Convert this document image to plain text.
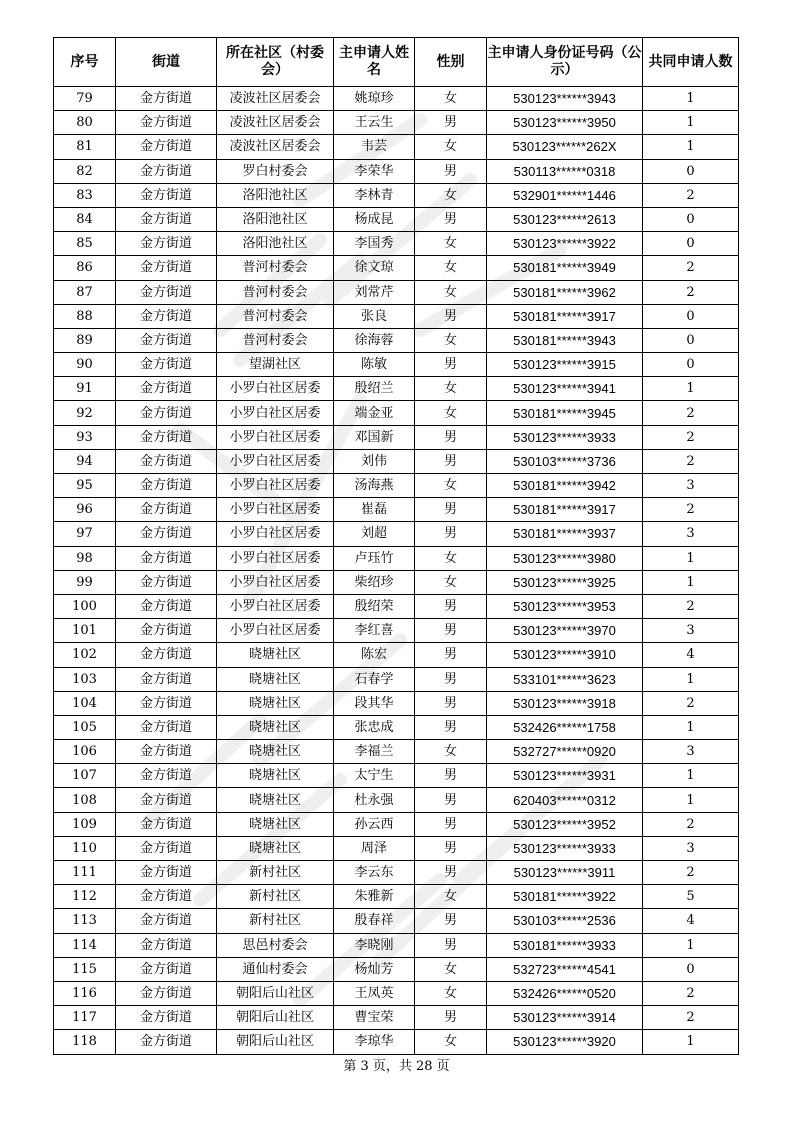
序号	街道	所在社区（村委会）	主申请人姓名	性别	主申请人身份证号码（公示）	共同申请人数
79	金方街道	凌波社区居委会	姚琼珍	女	530123******3943	1
80	金方街道	凌波社区居委会	王云生	男	530123******3950	1
81	金方街道	凌波社区居委会	韦芸	女	530123******262X	1
82	金方街道	罗白村委会	李荣华	男	530113******0318	0
83	金方街道	洛阳池社区	李林青	女	532901******1446	2
84	金方街道	洛阳池社区	杨成昆	男	530123******2613	0
85	金方街道	洛阳池社区	李国秀	女	530123******3922	0
86	金方街道	普河村委会	徐文琼	女	530181******3949	2
87	金方街道	普河村委会	刘常芹	女	530181******3962	2
88	金方街道	普河村委会	张良	男	530181******3917	0
89	金方街道	普河村委会	徐海蓉	女	530181******3943	0
90	金方街道	望湖社区	陈敏	男	530123******3915	0
91	金方街道	小罗白社区居委	殷绍兰	女	530123******3941	1
92	金方街道	小罗白社区居委	端金亚	女	530181******3945	2
93	金方街道	小罗白社区居委	邓国新	男	530123******3933	2
94	金方街道	小罗白社区居委	刘伟	男	530103******3736	2
95	金方街道	小罗白社区居委	汤海燕	女	530181******3942	3
96	金方街道	小罗白社区居委	崔磊	男	530181******3917	2
97	金方街道	小罗白社区居委	刘超	男	530181******3937	3
98	金方街道	小罗白社区居委	卢珏竹	女	530123******3980	1
99	金方街道	小罗白社区居委	柴绍珍	女	530123******3925	1
100	金方街道	小罗白社区居委	殷绍荣	男	530123******3953	2
101	金方街道	小罗白社区居委	李红喜	男	530123******3970	3
102	金方街道	晓塘社区	陈宏	男	530123******3910	4
103	金方街道	晓塘社区	石春学	男	533101******3623	1
104	金方街道	晓塘社区	段其华	男	530123******3918	2
105	金方街道	晓塘社区	张忠成	男	532426******1758	1
106	金方街道	晓塘社区	李福兰	女	532727******0920	3
107	金方街道	晓塘社区	太宁生	男	530123******3931	1
108	金方街道	晓塘社区	杜永强	男	620403******0312	1
109	金方街道	晓塘社区	孙云西	男	530123******3952	2
110	金方街道	晓塘社区	周泽	男	530123******3933	3
111	金方街道	新村社区	李云东	男	530123******3911	2
112	金方街道	新村社区	朱雅新	女	530181******3922	5
113	金方街道	新村社区	殷春祥	男	530103******2536	4
114	金方街道	思邑村委会	李晓刚	男	530181******3933	1
115	金方街道	通仙村委会	杨灿芳	女	532723******4541	0
116	金方街道	朝阳后山社区	王凤英	女	532426******0520	2
117	金方街道	朝阳后山社区	曹宝荣	男	530123******3914	2
118	金方街道	朝阳后山社区	李琼华	女	530123******3920	1
第 3 页，共 28 页
